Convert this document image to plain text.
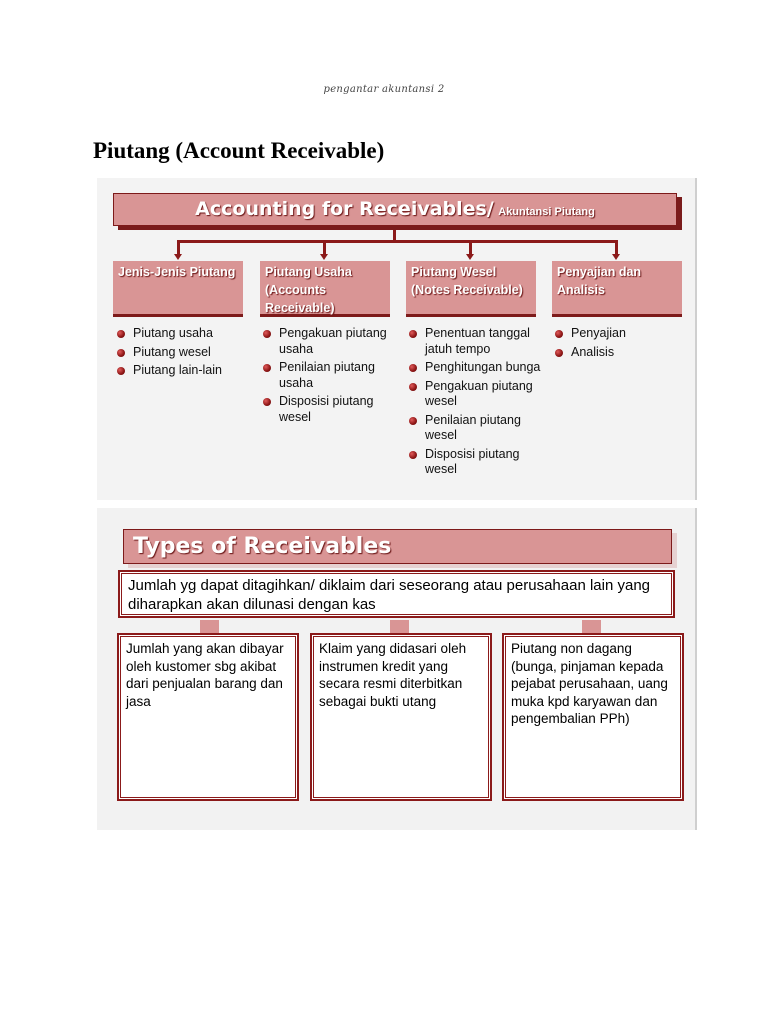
pengantar akuntansi 2
Piutang (Account Receivable)
Accounting for Receivables/ Akuntansi Piutang
Jenis-Jenis Piutang	Piutang Usaha (Accounts Receivable)
Piutang Wesel (Notes Receivable)
Penyajian dan Analisis
Piutang usaha
Piutang wesel
Piutang lain-lain
Pengakuan piutang usaha
Penilaian piutang usaha
Disposisi piutang wesel
Penentuan tanggal jatuh tempo
Penghitungan bunga
Pengakuan piutang wesel
Penilaian piutang wesel
Disposisi piutang wesel
Penyajian
Analisis
Types of Receivables
Jumlah yg dapat ditagihkan/ diklaim dari seseorang atau perusahaan lain yang diharapkan akan dilunasi dengan kas
Jumlah yang akan dibayar oleh kustomer sbg akibat dari penjualan barang dan jasa
Klaim yang didasari oleh instrumen kredit yang secara resmi diterbitkan sebagai bukti utang
Piutang non dagang (bunga, pinjaman kepada pejabat perusahaan, uang muka kpd karyawan dan pengembalian PPh)
